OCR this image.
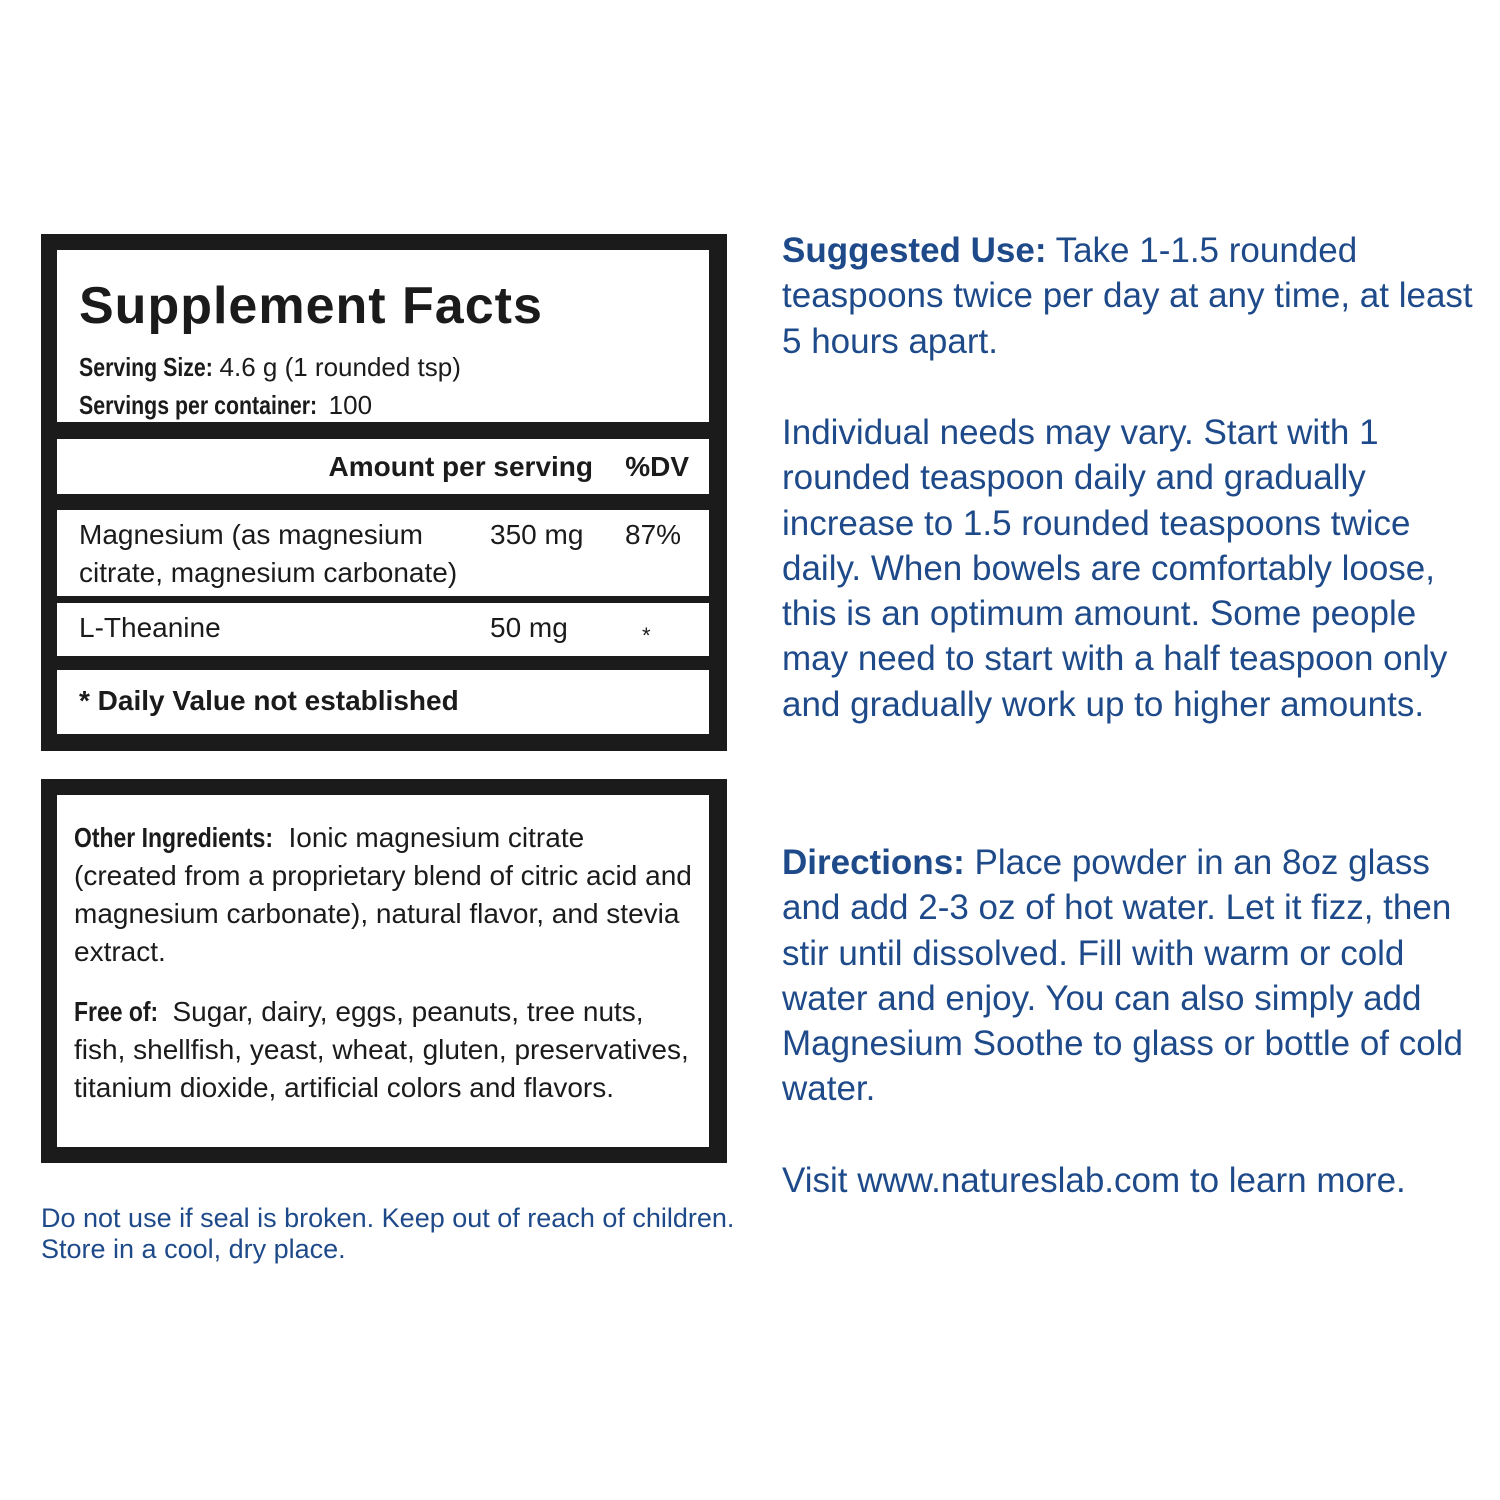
Supplement Facts
Serving Size: 4.6 g (1 rounded tsp)
Servings per container: 100
Amount per serving %DV
Magnesium (as magnesium citrate, magnesium carbonate)
350 mg 87%
L-Theanine	50 mg	*
* Daily Value not established

Other Ingredients: Ionic magnesium citrate (created from a proprietary blend of citric acid and magnesium carbonate), natural flavor, and stevia extract.

Free of: Sugar, dairy, eggs, peanuts, tree nuts, fish, shellfish, yeast, wheat, gluten, preservatives, titanium dioxide, artificial colors and flavors.

Do not use if seal is broken. Keep out of reach of children. Store in a cool, dry place.

Suggested Use: Take 1-1.5 rounded teaspoons twice per day at any time, at least 5 hours apart.

Individual needs may vary. Start with 1 rounded teaspoon daily and gradually increase to 1.5 rounded teaspoons twice daily. When bowels are comfortably loose, this is an optimum amount. Some people may need to start with a half teaspoon only and gradually work up to higher amounts.

Directions: Place powder in an 8oz glass and add 2-3 oz of hot water. Let it fizz, then stir until dissolved. Fill with warm or cold water and enjoy. You can also simply add Magnesium Soothe to glass or bottle of cold water.

Visit www.natureslab.com to learn more.
